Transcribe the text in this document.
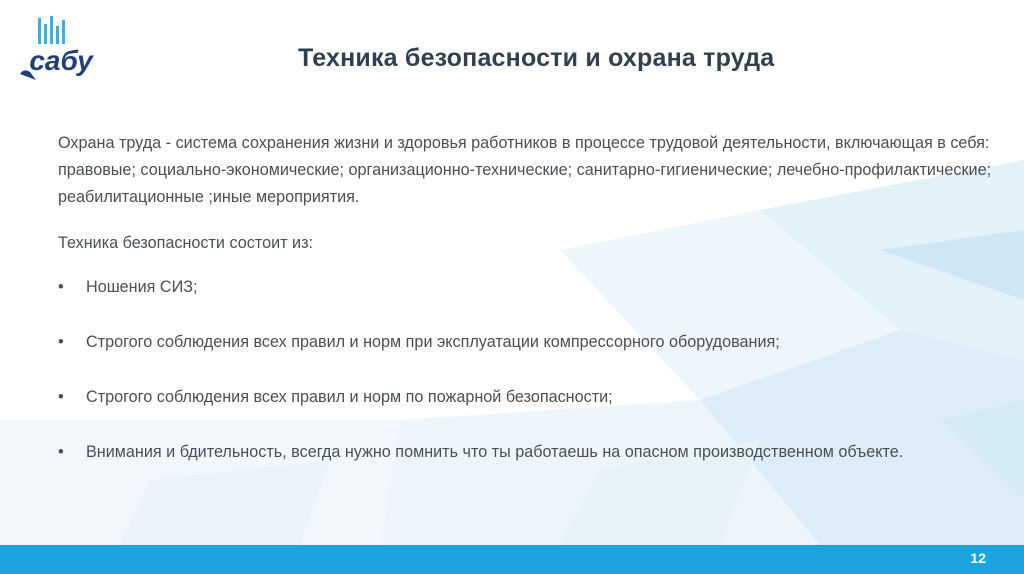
сабу	Техника безопасности и охрана труда

Охрана труда - система сохранения жизни и здоровья работников в процессе трудовой деятельности, включающая в себя: правовые; социально-экономические; организационно-технические; санитарно-гигиенические; лечебно-профилактические; реабилитационные ;иные мероприятия.

Техника безопасности состоит из:

• Ношения СИЗ;
• Строгого соблюдения всех правил и норм при эксплуатации компрессорного оборудования;
• Строгого соблюдения всех правил и норм по пожарной безопасности;
• Внимания и бдительность, всегда нужно помнить что ты работаешь на опасном производственном объекте.
12
